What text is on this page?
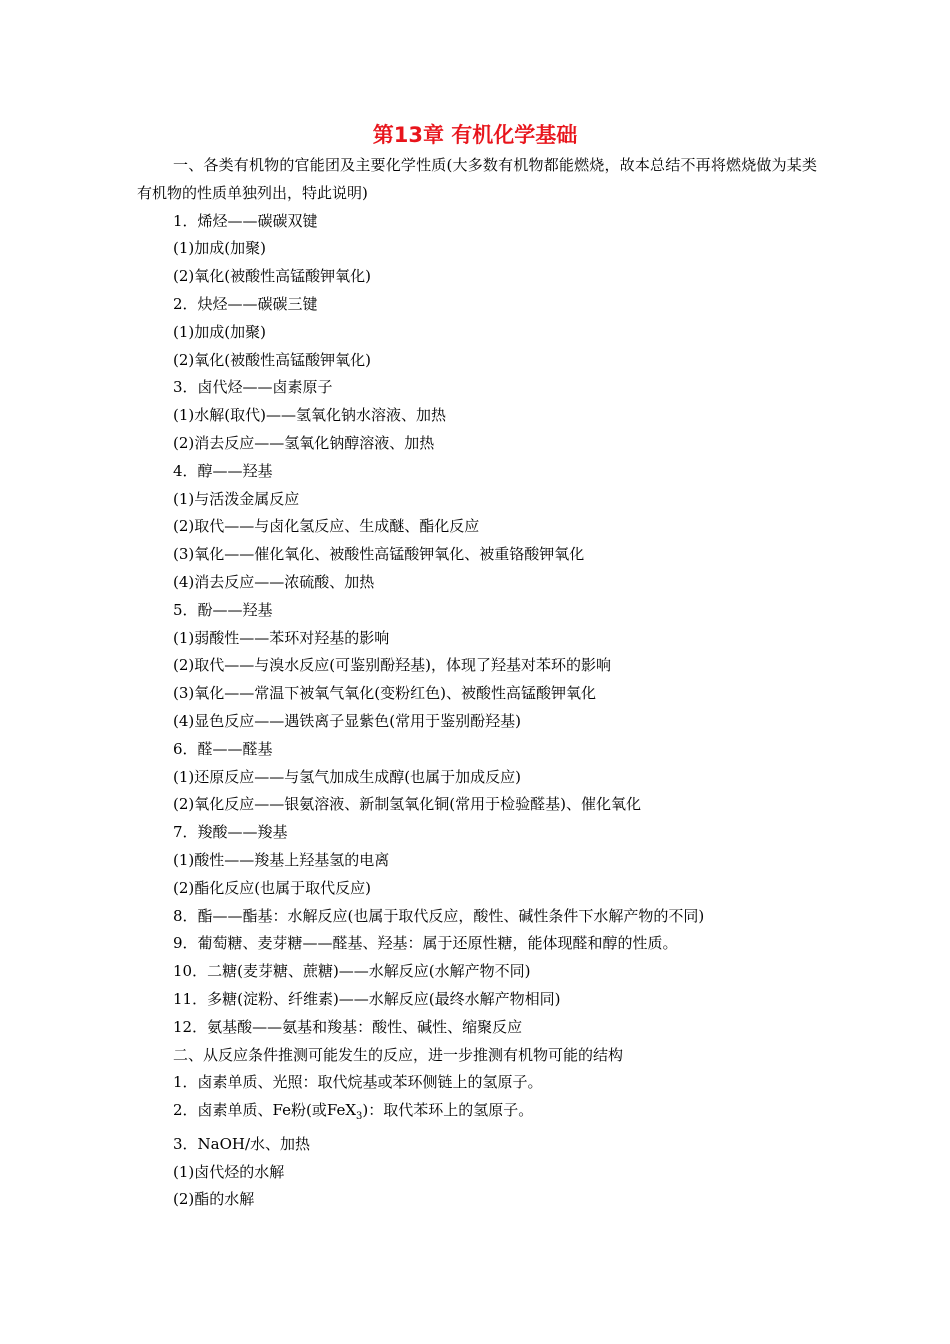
第13章 有机化学基础

一、各类有机物的官能团及主要化学性质(大多数有机物都能燃烧，故本总结不再将燃烧做为某类有机物的性质单独列出，特此说明)

1．烯烃——碳碳双键

(1)加成(加聚)

(2)氧化(被酸性高锰酸钾氧化)

2．炔烃——碳碳三键

(1)加成(加聚)

(2)氧化(被酸性高锰酸钾氧化)

3．卤代烃——卤素原子

(1)水解(取代)——氢氧化钠水溶液、加热

(2)消去反应——氢氧化钠醇溶液、加热

4．醇——羟基

(1)与活泼金属反应

(2)取代——与卤化氢反应、生成醚、酯化反应

(3)氧化——催化氧化、被酸性高锰酸钾氧化、被重铬酸钾氧化

(4)消去反应——浓硫酸、加热

5．酚——羟基

(1)弱酸性——苯环对羟基的影响

(2)取代——与溴水反应(可鉴别酚羟基)，体现了羟基对苯环的影响

(3)氧化——常温下被氧气氧化(变粉红色)、被酸性高锰酸钾氧化

(4)显色反应——遇铁离子显紫色(常用于鉴别酚羟基)

6．醛——醛基

(1)还原反应——与氢气加成生成醇(也属于加成反应)

(2)氧化反应——银氨溶液、新制氢氧化铜(常用于检验醛基)、催化氧化

7．羧酸——羧基

(1)酸性——羧基上羟基氢的电离

(2)酯化反应(也属于取代反应)

8．酯——酯基：水解反应(也属于取代反应，酸性、碱性条件下水解产物的不同)

9．葡萄糖、麦芽糖——醛基、羟基：属于还原性糖，能体现醛和醇的性质。

10．二糖(麦芽糖、蔗糖)——水解反应(水解产物不同)

11．多糖(淀粉、纤维素)——水解反应(最终水解产物相同)

12．氨基酸——氨基和羧基：酸性、碱性、缩聚反应

二、从反应条件推测可能发生的反应，进一步推测有机物可能的结构

1．卤素单质、光照：取代烷基或苯环侧链上的氢原子。

2．卤素单质、Fe粉(或FeX$_3$)：取代苯环上的氢原子。

3．NaOH/水、加热

(1)卤代烃的水解

(2)酯的水解
